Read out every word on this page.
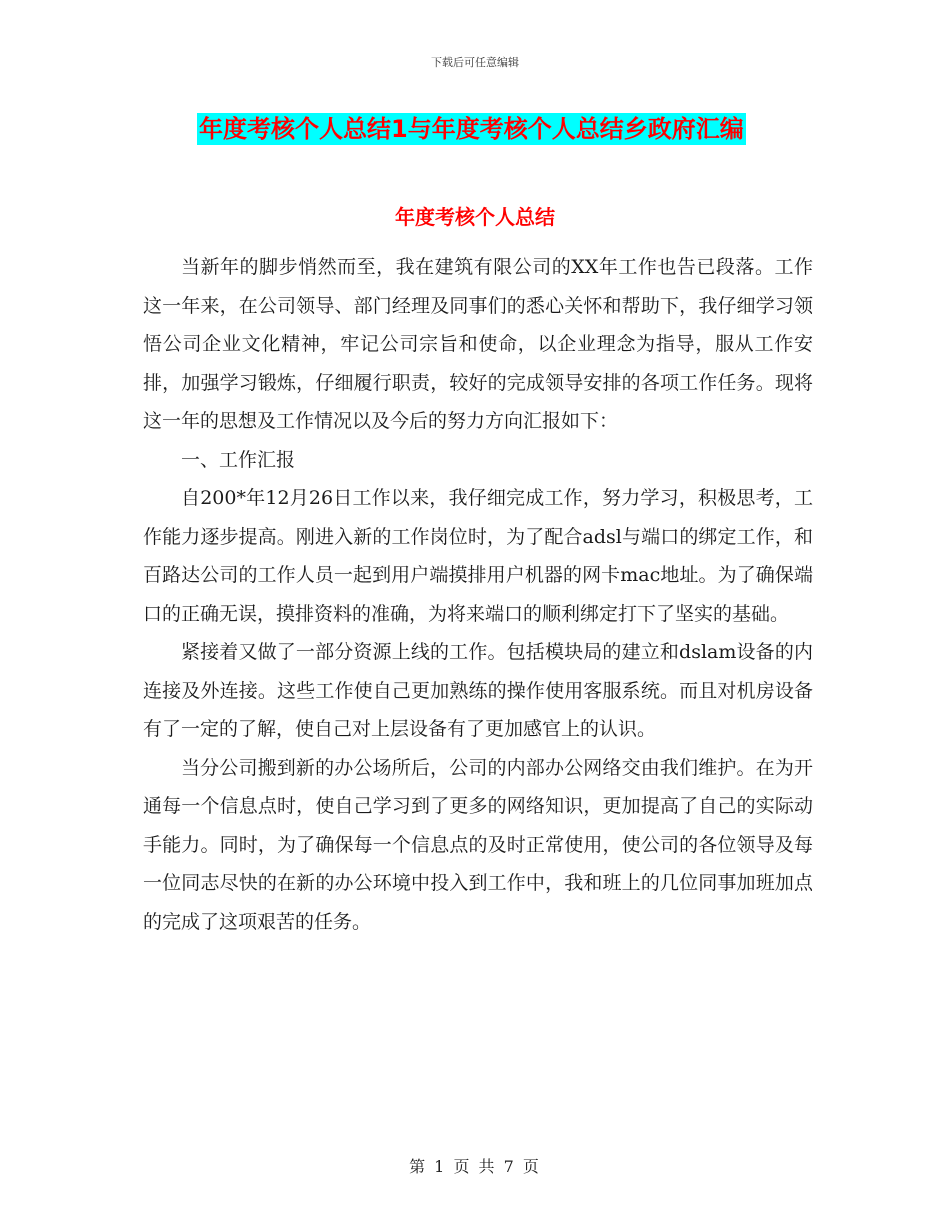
下载后可任意编辑
年度考核个人总结1与年度考核个人总结乡政府汇编
年度考核个人总结

当新年的脚步悄然而至，我在建筑有限公司的XX年工作也告已段落。工作这一年来，在公司领导、部门经理及同事们的悉心关怀和帮助下，我仔细学习领悟公司企业文化精神，牢记公司宗旨和使命，以企业理念为指导，服从工作安排，加强学习锻炼，仔细履行职责，较好的完成领导安排的各项工作任务。现将这一年的思想及工作情况以及今后的努力方向汇报如下：

一、工作汇报

自200*年12月26日工作以来，我仔细完成工作，努力学习，积极思考，工作能力逐步提高。刚进入新的工作岗位时，为了配合adsl与端口的绑定工作，和百路达公司的工作人员一起到用户端摸排用户机器的网卡mac地址。为了确保端口的正确无误，摸排资料的准确，为将来端口的顺利绑定打下了坚实的基础。

紧接着又做了一部分资源上线的工作。包括模块局的建立和dslam设备的内连接及外连接。这些工作使自己更加熟练的操作使用客服系统。而且对机房设备有了一定的了解，使自己对上层设备有了更加感官上的认识。

当分公司搬到新的办公场所后，公司的内部办公网络交由我们维护。在为开通每一个信息点时，使自己学习到了更多的网络知识，更加提高了自己的实际动手能力。同时，为了确保每一个信息点的及时正常使用，使公司的各位领导及每一位同志尽快的在新的办公环境中投入到工作中，我和班上的几位同事加班加点的完成了这项艰苦的任务。

第 1 页 共 7 页
